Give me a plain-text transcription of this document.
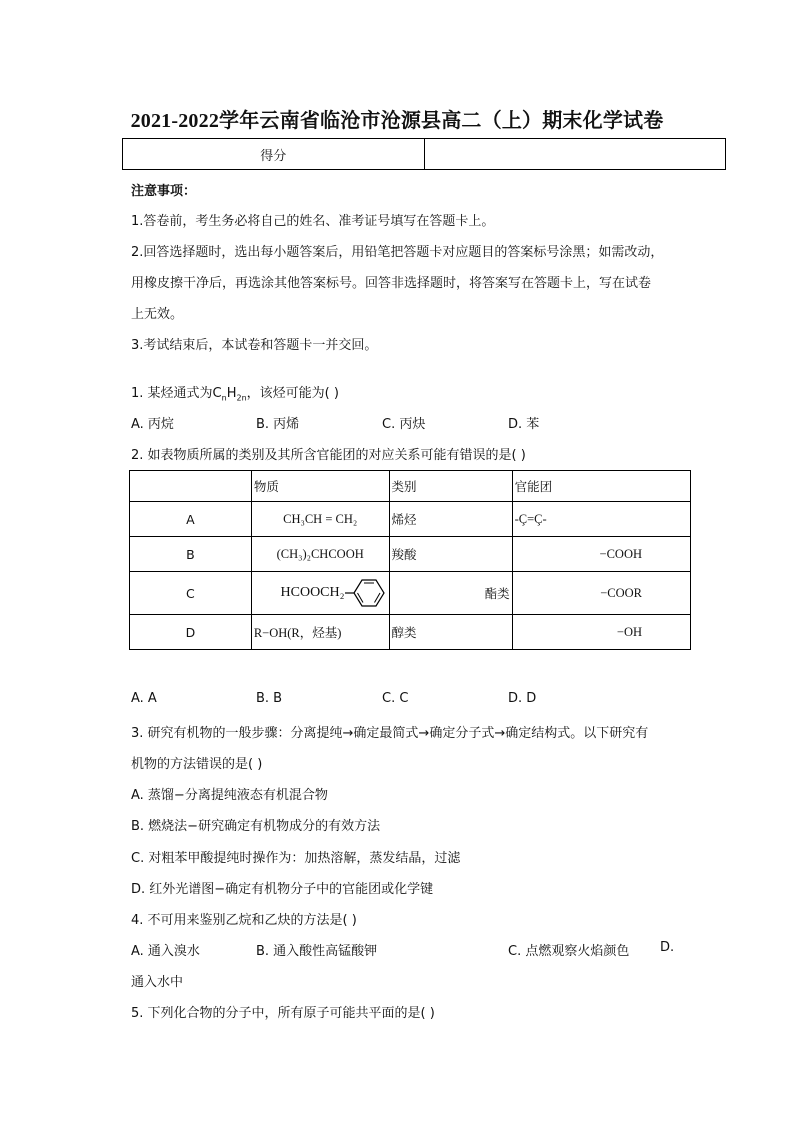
2021-2022学年云南省临沧市沧源县高二（上）期末化学试卷
得分	
注意事项：
1.答卷前，考生务必将自己的姓名、准考证号填写在答题卡上。
2.回答选择题时，选出每小题答案后，用铅笔把答题卡对应题目的答案标号涂黑；如需改动，
用橡皮擦干净后，再选涂其他答案标号。回答非选择题时，将答案写在答题卡上，写在试卷
上无效。
3.考试结束后，本试卷和答题卡一并交回。
1. 某烃通式为$C_nH_{2n}$，该烃可能为( )
A. 丙烷	B. 丙烯	C. 丙炔	D. 苯
2. 如表物质所属的类别及其所含官能团的对应关系可能有错误的是( )
	物质	类别	官能团
A	CH₃CH = CH₂	烯烃	-Ç=Ç-
B	(CH₃)₂CHCOOH	羧酸	−COOH
C	HCOOCH₂	酯类	−COOR
D	R−OH(R，烃基)	醇类	−OH
A. A	B. B	C. C	D. D
3. 研究有机物的一般步骤：分离提纯→确定最简式→确定分子式→确定结构式。以下研究有
机物的方法错误的是( )
A. 蒸馏−分离提纯液态有机混合物
B. 燃烧法−研究确定有机物成分的有效方法
C. 对粗苯甲酸提纯时操作为：加热溶解，蒸发结晶，过滤
D. 红外光谱图−确定有机物分子中的官能团或化学键
4. 不可用来鉴别乙烷和乙炔的方法是( )
A. 通入溴水	B. 通入酸性高锰酸钾	C. 点燃观察火焰颜色 D.
通入水中
5. 下列化合物的分子中，所有原子可能共平面的是( )
